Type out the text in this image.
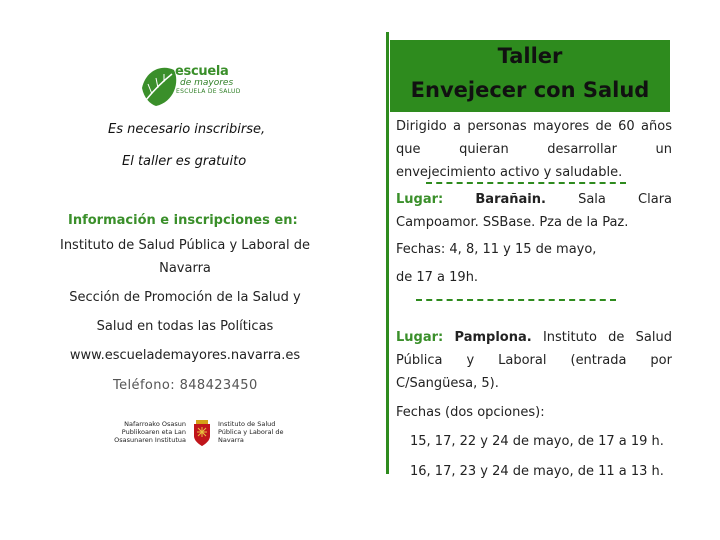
escuela
de mayores
ESCUELA DE SALUD
Es necesario inscribirse,
El taller es gratuito
Información e inscripciones en:
Instituto de Salud Pública y Laboral de
Navarra
Sección de Promoción de la Salud y
Salud en todas las Políticas
www.escuelademayores.navarra.es
Teléfono: 848423450
Nafarroako Osasun Publikoaren eta Lan Osasunaren Institutua
Instituto de Salud Pública y Laboral de Navarra
Taller
Envejecer con Salud
Dirigido a personas mayores de 60 años que quieran desarrollar un envejecimiento activo y saludable.
Lugar: Barañain. Sala Clara Campoamor. SSBase. Pza de la Paz.
Fechas: 4, 8, 11 y 15 de mayo,
de 17 a 19h.
Lugar: Pamplona. Instituto de Salud Pública y Laboral (entrada por C/Sangüesa, 5).
Fechas (dos opciones):
15, 17, 22 y 24 de mayo, de 17 a 19 h.
16, 17, 23 y 24 de mayo, de 11 a 13 h.
